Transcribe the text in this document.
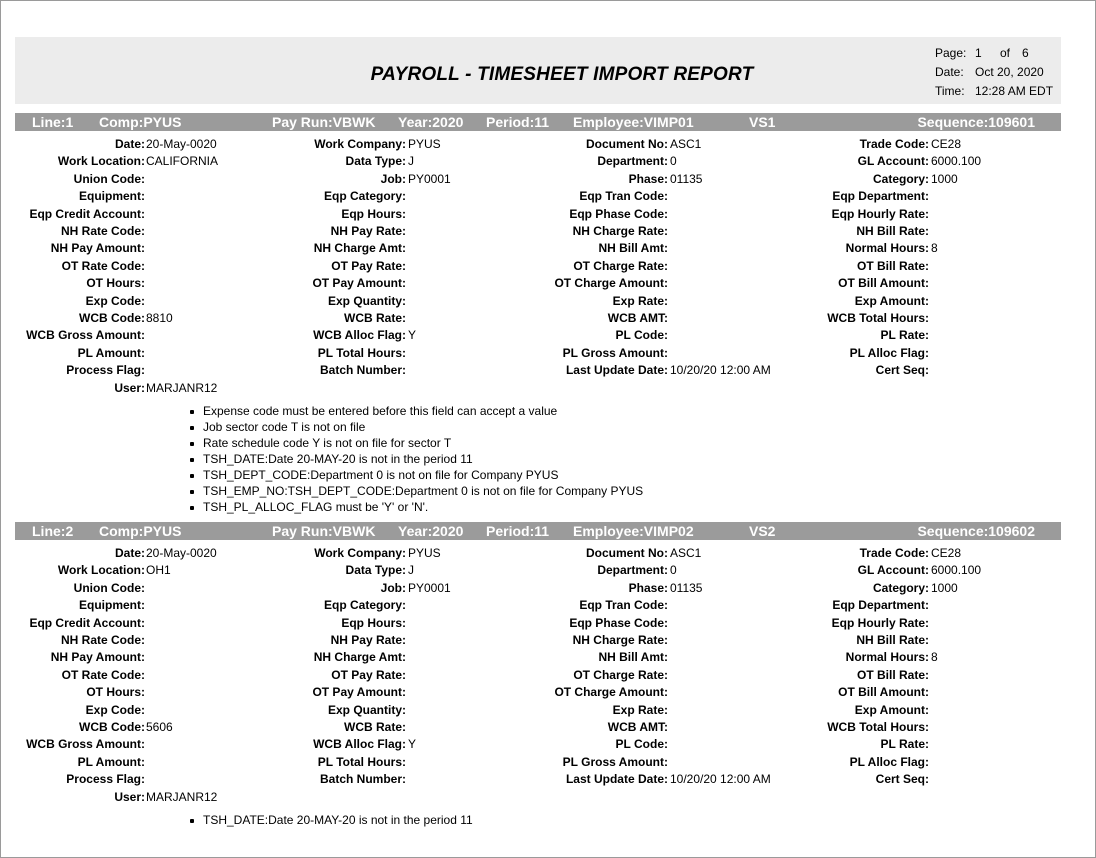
PAYROLL - TIMESHEET IMPORT REPORT
Page: 1 of 6
Date: Oct 20, 2020
Time: 12:28 AM EDT
Line:1 Comp:PYUS	Pay Run:VBWK Year:2020 Period:11 Employee:VIMP01	VS1	Sequence:109601
Date: 20-May-0020	Work Company: PYUS	Document No: ASC1	Trade Code: CE28
Work Location: CALIFORNIA	Data Type: J	Department: 0	GL Account: 6000.100
Union Code:	Job: PY0001	Phase: 01135	Category: 1000
Equipment:	Eqp Category:	Eqp Tran Code:	Eqp Department:
Eqp Credit Account:	Eqp Hours:	Eqp Phase Code:	Eqp Hourly Rate:
NH Rate Code:	NH Pay Rate:	NH Charge Rate:	NH Bill Rate:
NH Pay Amount:	NH Charge Amt:	NH Bill Amt:	Normal Hours: 8
OT Rate Code:	OT Pay Rate:	OT Charge Rate:	OT Bill Rate:
OT Hours:	OT Pay Amount:	OT Charge Amount:	OT Bill Amount:
Exp Code:	Exp Quantity:	Exp Rate:	Exp Amount:
WCB Code: 8810	WCB Rate:	WCB AMT:	WCB Total Hours:
WCB Gross Amount:	WCB Alloc Flag: Y	PL Code:	PL Rate:
PL Amount:	PL Total Hours:	PL Gross Amount:	PL Alloc Flag:
Process Flag:	Batch Number:	Last Update Date: 10/20/20 12:00 AM	Cert Seq:
User: MARJANR12
Expense code must be entered before this field can accept a value
Job sector code T is not on file
Rate schedule code Y is not on file for sector T
TSH_DATE:Date 20-MAY-20 is not in the period 11
TSH_DEPT_CODE:Department 0 is not on file for Company PYUS
TSH_EMP_NO:TSH_DEPT_CODE:Department 0 is not on file for Company PYUS
TSH_PL_ALLOC_FLAG must be 'Y' or 'N'.
Line:2 Comp:PYUS	Pay Run:VBWK Year:2020 Period:11 Employee:VIMP02	VS2	Sequence:109602
Date: 20-May-0020	Work Company: PYUS	Document No: ASC1	Trade Code: CE28
Work Location: OH1	Data Type: J	Department: 0	GL Account: 6000.100
Union Code:	Job: PY0001	Phase: 01135	Category: 1000
Equipment:	Eqp Category:	Eqp Tran Code:	Eqp Department:
Eqp Credit Account:	Eqp Hours:	Eqp Phase Code:	Eqp Hourly Rate:
NH Rate Code:	NH Pay Rate:	NH Charge Rate:	NH Bill Rate:
NH Pay Amount:	NH Charge Amt:	NH Bill Amt:	Normal Hours: 8
OT Rate Code:	OT Pay Rate:	OT Charge Rate:	OT Bill Rate:
OT Hours:	OT Pay Amount:	OT Charge Amount:	OT Bill Amount:
Exp Code:	Exp Quantity:	Exp Rate:	Exp Amount:
WCB Code: 5606	WCB Rate:	WCB AMT:	WCB Total Hours:
WCB Gross Amount:	WCB Alloc Flag: Y	PL Code:	PL Rate:
PL Amount:	PL Total Hours:	PL Gross Amount:	PL Alloc Flag:
Process Flag:	Batch Number:	Last Update Date: 10/20/20 12:00 AM	Cert Seq:
User: MARJANR12
TSH_DATE:Date 20-MAY-20 is not in the period 11
